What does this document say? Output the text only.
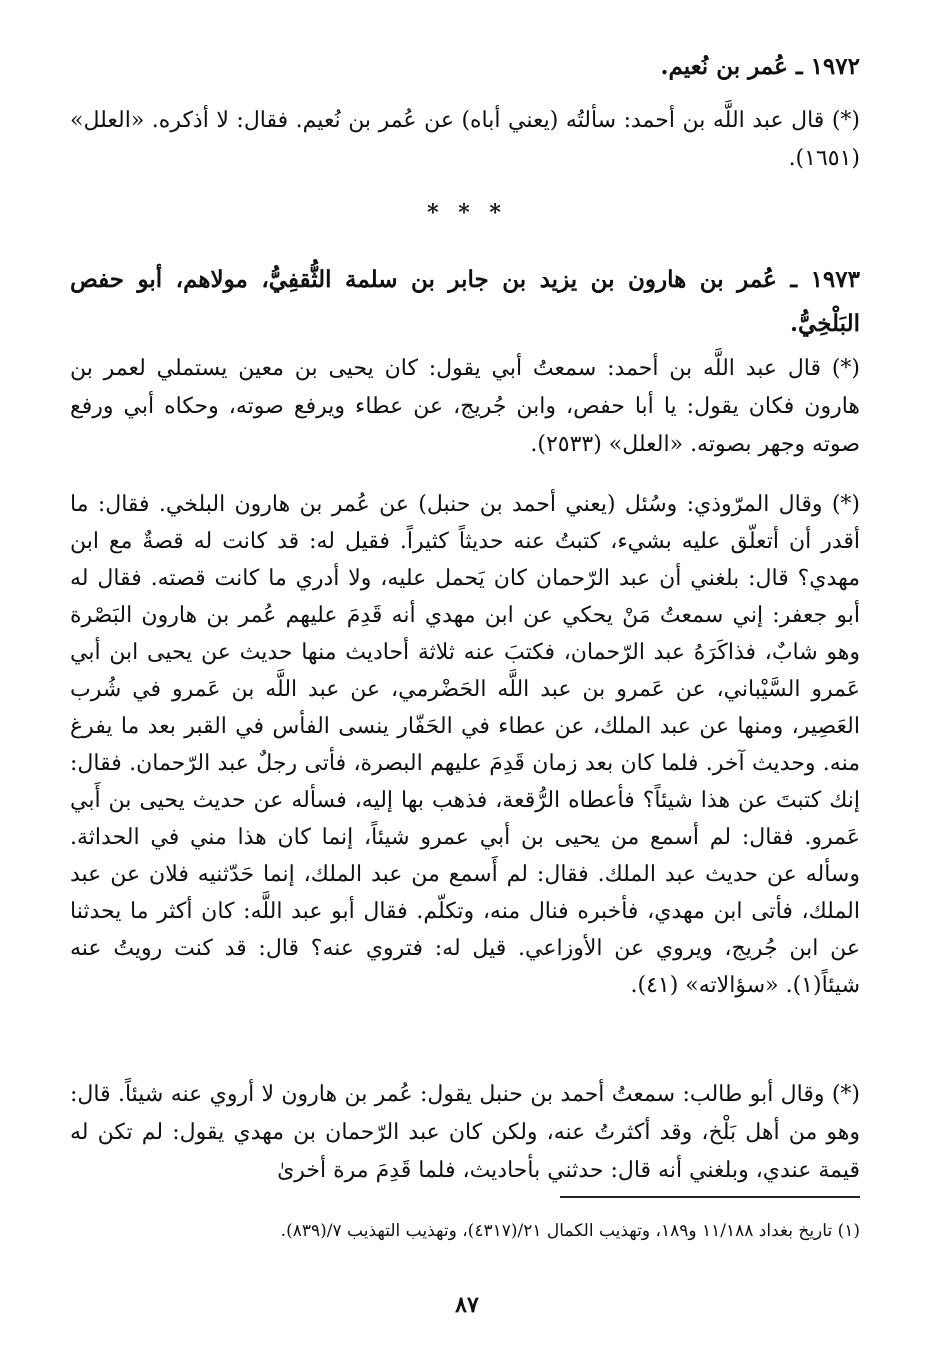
١٩٧٢ ـ عُمر بن نُعيم.
(*) قال عبد اللَّه بن أحمد: سألتُه (يعني أباه) عن عُمر بن نُعيم. فقال: لا أذكره. «العلل» (١٦٥١).
* * *
١٩٧٣ ـ عُمر بن هارون بن يزيد بن جابر بن سلمة الثُّقفِيُّ، مولاهم، أبو حفص البَلْخِيُّ.
(*) قال عبد اللَّه بن أحمد: سمعتُ أبي يقول: كان يحيى بن معين يستملي لعمر بن هارون فكان يقول: يا أبا حفص، وابن جُريج، عن عطاء ويرفع صوته، وحكاه أبي ورفع صوته وجهر بصوته. «العلل» (٢٥٣٣).
(*) وقال المرّوذي: وسُئل (يعني أحمد بن حنبل) عن عُمر بن هارون البلخي. فقال: ما أقدر أن أتعلّق عليه بشيء، كتبتُ عنه حديثاً كثيراً. فقيل له: قد كانت له قصةٌ مع ابن مهدي؟ قال: بلغني أن عبد الرّحمان كان يَحمل عليه، ولا أدري ما كانت قصته. فقال له أبو جعفر: إني سمعتُ مَنْ يحكي عن ابن مهدي أنه قَدِمَ عليهم عُمر بن هارون البَصْرة وهو شابٌ، فذاكَرَهُ عبد الرّحمان، فكتبَ عنه ثلاثة أحاديث منها حديث عن يحيى ابن أبي عَمرو السَّيْباني، عن عَمرو بن عبد اللَّه الحَضْرمي، عن عبد اللَّه بن عَمرو في شُرب العَصِير، ومنها عن عبد الملك، عن عطاء في الحَفّار ينسى الفأس في القبر بعد ما يفرغ منه. وحديث آخر. فلما كان بعد زمان قَدِمَ عليهم البصرة، فأتى رجلٌ عبد الرّحمان. فقال: إنك كتبتَ عن هذا شيئاً؟ فأعطاه الرُّقعة، فذهب بها إليه، فسأله عن حديث يحيى بن أَبي عَمرو. فقال: لم أسمع من يحيى بن أبي عمرو شيئاً، إنما كان هذا مني في الحداثة. وسأله عن حديث عبد الملك. فقال: لم أَسمع من عبد الملك، إنما حَدّثنيه فلان عن عبد الملك، فأتى ابن مهدي، فأخبره فنال منه، وتكلّم. فقال أبو عبد اللَّه: كان أكثر ما يحدثنا عن ابن جُريج، ويروي عن الأوزاعي. قيل له: فتروي عنه؟ قال: قد كنت رويتُ عنه شيئاً(١). «سؤالاته» (٤١).
(*) وقال أبو طالب: سمعتُ أحمد بن حنبل يقول: عُمر بن هارون لا أروي عنه شيئاً. قال: وهو من أهل بَلْخ، وقد أكثرتُ عنه، ولكن كان عبد الرّحمان بن مهدي يقول: لم تكن له قيمة عندي، وبلغني أنه قال: حدثني بأحاديث، فلما قَدِمَ مرة أخرىٰ
(١) تاريخ بغداد ١١/١٨٨ و١٨٩، وتهذيب الكمال ٢١/(٤٣١٧)، وتهذيب التهذيب ٧/(٨٣٩).
٨٧
